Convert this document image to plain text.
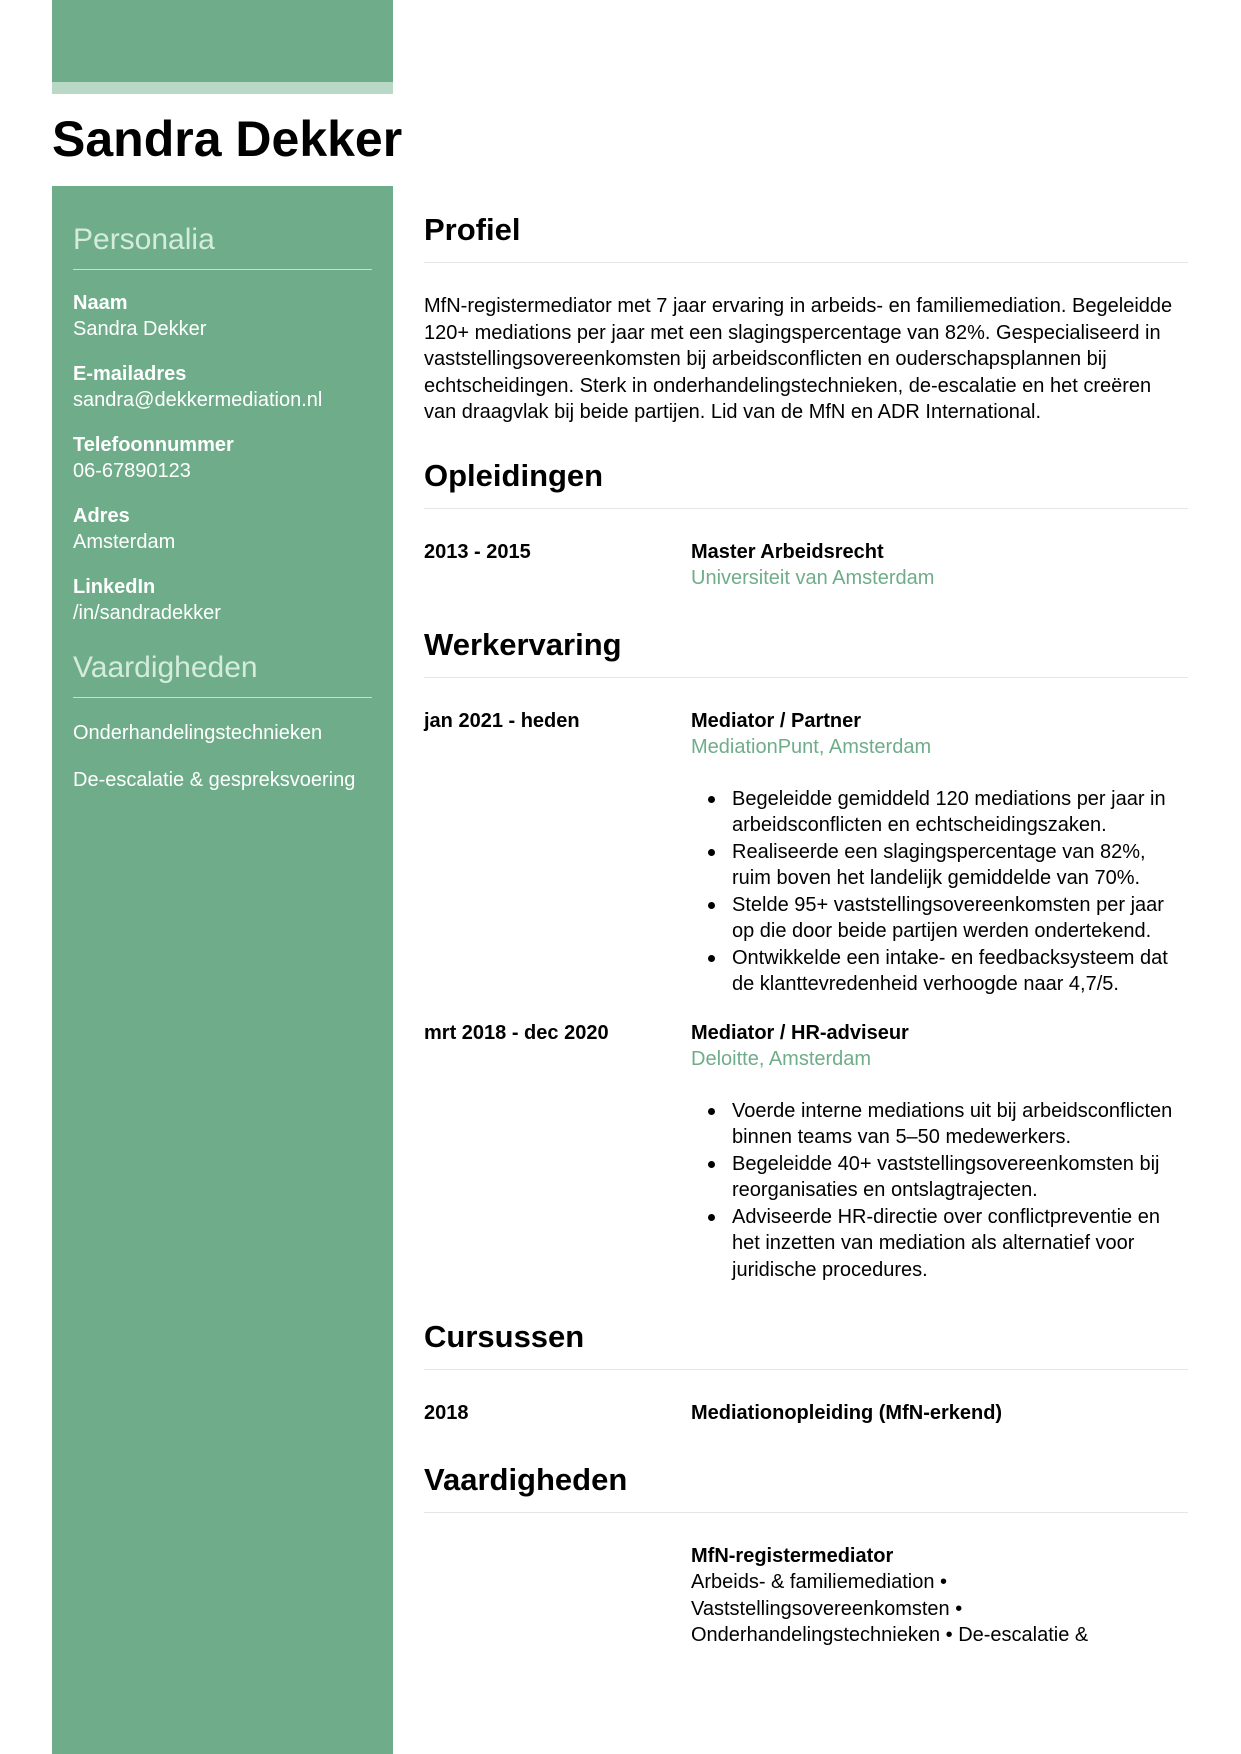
Sandra Dekker
Personalia
Naam
Sandra Dekker
E-mailadres
sandra@dekkermediation.nl
Telefoonnummer
06-67890123
Adres
Amsterdam
LinkedIn
/in/sandradekker
Vaardigheden
Onderhandelingstechnieken
De-escalatie & gespreksvoering
Profiel

MfN-registermediator met 7 jaar ervaring in arbeids- en familiemediation. Begeleidde 120+ mediations per jaar met een slagingspercentage van 82%. Gespecialiseerd in vaststellingsovereenkomsten bij arbeidsconflicten en ouderschapsplannen bij echtscheidingen. Sterk in onderhandelingstechnieken, de-escalatie en het creëren van draagvlak bij beide partijen. Lid van de MfN en ADR International.

Opleidingen
2013 - 2015	Master Arbeidsrecht
Universiteit van Amsterdam
Werkervaring
jan 2021 - heden	Mediator / Partner
MediationPunt, Amsterdam
Begeleidde gemiddeld 120 mediations per jaar in arbeidsconflicten en echtscheidingszaken.
Realiseerde een slagingspercentage van 82%, ruim boven het landelijk gemiddelde van 70%.
Stelde 95+ vaststellingsovereenkomsten per jaar op die door beide partijen werden ondertekend.
Ontwikkelde een intake- en feedbacksysteem dat de klanttevredenheid verhoogde naar 4,7/5.
mrt 2018 - dec 2020	Mediator / HR-adviseur
Deloitte, Amsterdam
Voerde interne mediations uit bij arbeidsconflicten binnen teams van 5–50 medewerkers.
Begeleidde 40+ vaststellingsovereenkomsten bij reorganisaties en ontslagtrajecten.
Adviseerde HR-directie over conflictpreventie en het inzetten van mediation als alternatief voor juridische procedures.
Cursussen
2018	Mediationopleiding (MfN-erkend)
Vaardigheden
MfN-registermediator
Arbeids- & familiemediation • Vaststellingsovereenkomsten • Onderhandelingstechnieken • De-escalatie &
